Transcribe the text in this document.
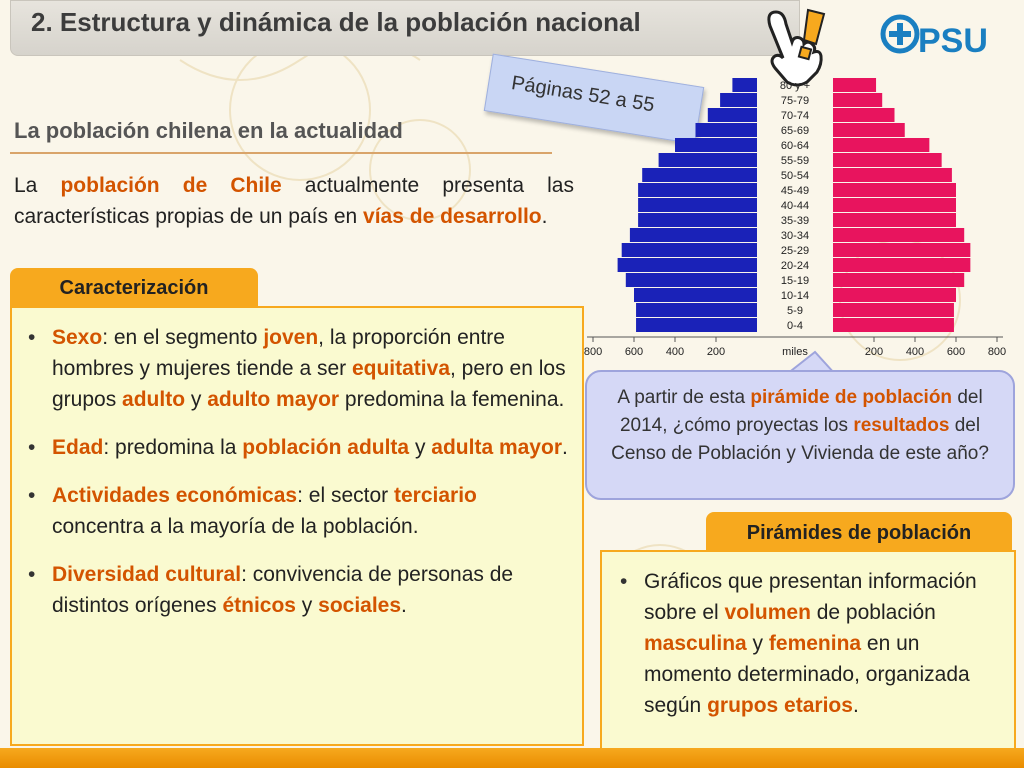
2. Estructura y dinámica de la población nacional	PSU
Páginas 52 a 55
La población chilena en la actualidad
La población de Chile actualmente presenta las características propias de un país en vías de desarrollo.
Caracterización
• Sexo: en el segmento joven, la proporción entre hombres y mujeres tiende a ser equitativa, pero en los grupos adulto y adulto mayor predomina la femenina.
• Edad: predomina la población adulta y adulta mayor.
• Actividades económicas: el sector terciario concentra a la mayoría de la población.
• Diversidad cultural: convivencia de personas de distintos orígenes étnicos y sociales.
80 y +
75-79
70-74
65-69
60-64
55-59
50-54
45-49
40-44
35-39
30-34
25-29
20-24
15-19
10-14
5-9
0-4
800 600 400 200	200 400 600 800
miles

A partir de esta pirámide de población del 2014, ¿cómo proyectas los resultados del Censo de Población y Vivienda de este año?

Pirámides de población
• Gráficos que presentan información sobre el volumen de población masculina y femenina en un momento determinado, organizada según grupos etarios.
